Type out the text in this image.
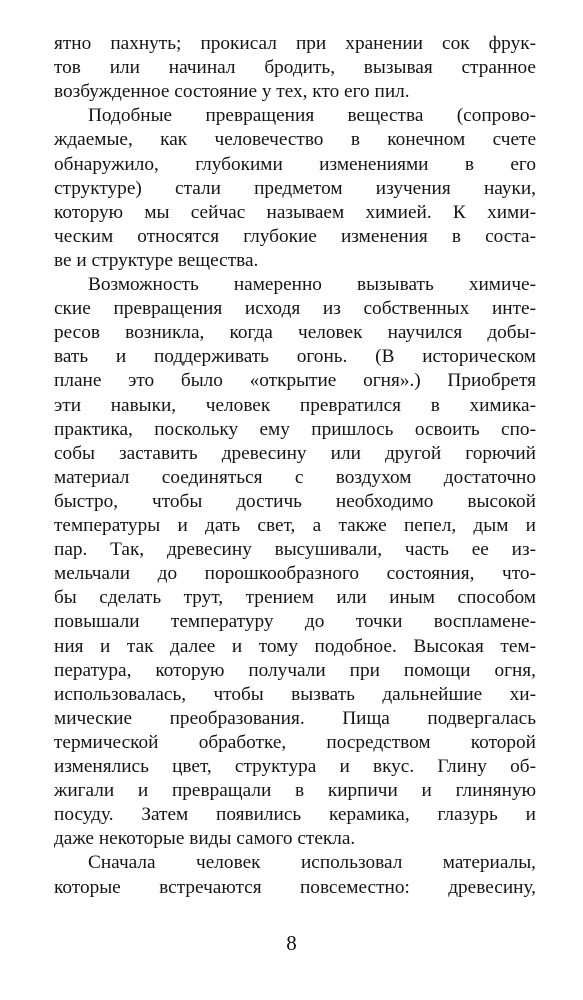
ятно пахнуть; прокисал при хранении сок фрук-
тов или начинал бродить, вызывая странное
возбужденное состояние у тех, кто его пил.
Подобные превращения вещества (сопрово-
ждаемые, как человечество в конечном счете
обнаружило, глубокими изменениями в его
структуре) стали предметом изучения науки,
которую мы сейчас называем химией. К хими-
ческим относятся глубокие изменения в соста-
ве и структуре вещества.
Возможность намеренно вызывать химиче-
ские превращения исходя из собственных инте-
ресов возникла, когда человек научился добы-
вать и поддерживать огонь. (В историческом
плане это было «открытие огня».) Приобретя
эти навыки, человек превратился в химика-
практика, поскольку ему пришлось освоить спо-
собы заставить древесину или другой горючий
материал соединяться с воздухом достаточно
быстро, чтобы достичь необходимо высокой
температуры и дать свет, а также пепел, дым и
пар. Так, древесину высушивали, часть ее из-
мельчали до порошкообразного состояния, что-
бы сделать трут, трением или иным способом
повышали температуру до точки воспламене-
ния и так далее и тому подобное. Высокая тем-
пература, которую получали при помощи огня,
использовалась, чтобы вызвать дальнейшие хи-
мические преобразования. Пища подвергалась
термической обработке, посредством которой
изменялись цвет, структура и вкус. Глину об-
жигали и превращали в кирпичи и глиняную
посуду. Затем появились керамика, глазурь и
даже некоторые виды самого стекла.
Сначала человек использовал материалы,
которые встречаются повсеместно: древесину,
8
